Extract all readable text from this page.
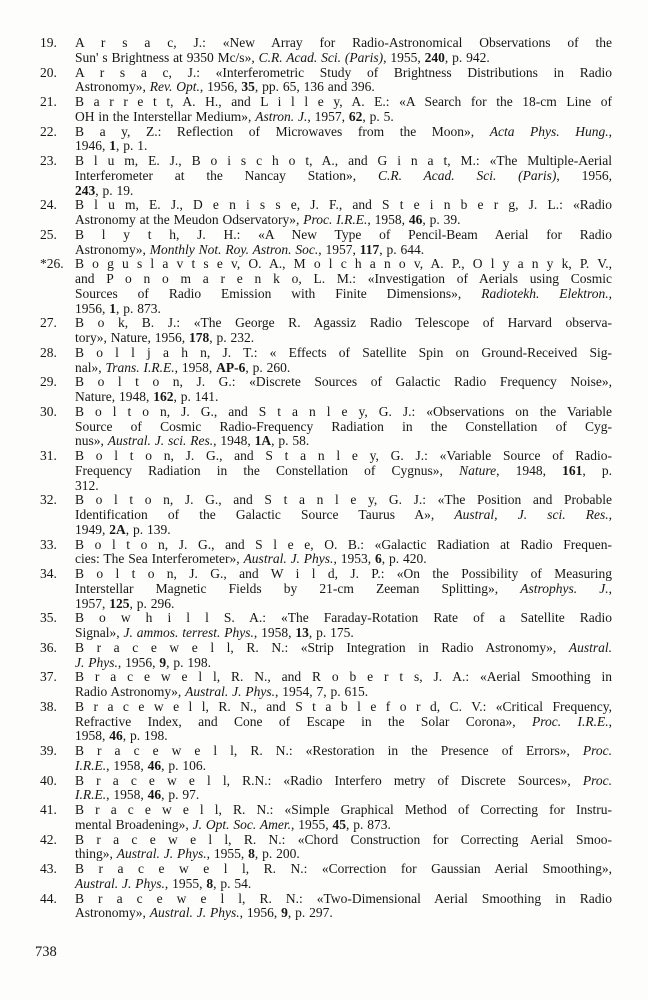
19. A r s a c, J.: «New Array for Radio-Astronomical Observations of the
Sun' s Brightness at 9350 Mc/s», C.R. Acad. Sci. (Paris), 1955, 240, p. 942.
20. A r s a c, J.: «Interferometric Study of Brightness Distributions in Radio
Astronomy», Rev. Opt., 1956, 35, pp. 65, 136 and 396.
21. B a r r e t t, A. H., and L i l l e y, A. E.: «A Search for the 18-cm Line of
OH in the Interstellar Medium», Astron. J., 1957, 62, p. 5.
22. B a y, Z.: Reflection of Microwaves from the Moon», Acta Phys. Hung.,
1946, 1, p. 1.
23. B l u m, E. J., B o i s c h o t, A., and G i n a t, M.: «The Multiple-Aerial
Interferometer at the Nancay Station», C.R. Acad. Sci. (Paris), 1956,
243, p. 19.
24. B l u m, E. J., D e n i s s e, J. F., and S t e i n b e r g, J. L.: «Radio
Astronomy at the Meudon Odservatory», Proc. I.R.E., 1958, 46, p. 39.
25. B l y t h, J. H.: «A New Type of Pencil-Beam Aerial for Radio
Astronomy», Monthly Not. Roy. Astron. Soc., 1957, 117, p. 644.
*26. B o g u s l a v t s e v, O. A., M o l c h a n o v, A. P., O l y a n y k, P. V.,
and P o n o m a r e n k o, L. M.: «Investigation of Aerials using Cosmic
Sources of Radio Emission with Finite Dimensions», Radiotekh. Elektron.,
1956, 1, p. 873.
27. B o k, B. J.: «The George R. Agassiz Radio Telescope of Harvard observa-
tory», Nature, 1956, 178, p. 232.
28. B o l l j a h n, J. T.: « Effects of Satellite Spin on Ground-Received Sig-
nal», Trans. I.R.E., 1958, AP-6, p. 260.
29. B o l t o n, J. G.: «Discrete Sources of Galactic Radio Frequency Noise»,
Nature, 1948, 162, p. 141.
30. B o l t o n, J. G., and S t a n l e y, G. J.: «Observations on the Variable
Source of Cosmic Radio-Frequency Radiation in the Constellation of Cyg-
nus», Austral. J. sci. Res., 1948, 1A, p. 58.
31. B o l t o n, J. G., and S t a n l e y, G. J.: «Variable Source of Radio-
Frequency Radiation in the Constellation of Cygnus», Nature, 1948, 161, p.
312.
32. B o l t o n, J. G., and S t a n l e y, G. J.: «The Position and Probable
Identification of the Galactic Source Taurus A», Austral, J. sci. Res.,
1949, 2A, p. 139.
33. B o l t o n, J. G., and S l e e, O. B.: «Galactic Radiation at Radio Frequen-
cies: The Sea Interferometer», Austral. J. Phys., 1953, 6, p. 420.
34. B o l t o n, J. G., and W i l d, J. P.: «On the Possibility of Measuring
Interstellar Magnetic Fields by 21-cm Zeeman Splitting», Astrophys. J.,
1957, 125, p. 296.
35. B o w h i l l S. A.: «The Faraday-Rotation Rate of a Satellite Radio
Signal», J. ammos. terrest. Phys., 1958, 13, p. 175.
36. B r a c e w e l l, R. N.: «Strip Integration in Radio Astronomy», Austral.
J. Phys., 1956, 9, p. 198.
37. B r a c e w e l l, R. N., and R o b e r t s, J. A.: «Aerial Smoothing in
Radio Astronomy», Austral. J. Phys., 1954, 7, p. 615.
38. B r a c e w e l l, R. N., and S t a b l e f o r d, C. V.: «Critical Frequency,
Refractive Index, and Cone of Escape in the Solar Corona», Proc. I.R.E.,
1958, 46, p. 198.
39. B r a c e w e l l, R. N.: «Restoration in the Presence of Errors», Proc.
I.R.E., 1958, 46, p. 106.
40. B r a c e w e l l, R.N.: «Radio Interfero metry of Discrete Sources», Proc.
I.R.E., 1958, 46, p. 97.
41. B r a c e w e l l, R. N.: «Simple Graphical Method of Correcting for Instru-
mental Broadening», J. Opt. Soc. Amer., 1955, 45, p. 873.
42. B r a c e w e l l, R. N.: «Chord Construction for Correcting Aerial Smoo-
thing», Austral. J. Phys., 1955, 8, p. 200.
43. B r a c e w e l l, R. N.: «Correction for Gaussian Aerial Smoothing»,
Austral. J. Phys., 1955, 8, p. 54.
44. B r a c e w e l l, R. N.: «Two-Dimensional Aerial Smoothing in Radio
Astronomy», Austral. J. Phys., 1956, 9, p. 297.
738
